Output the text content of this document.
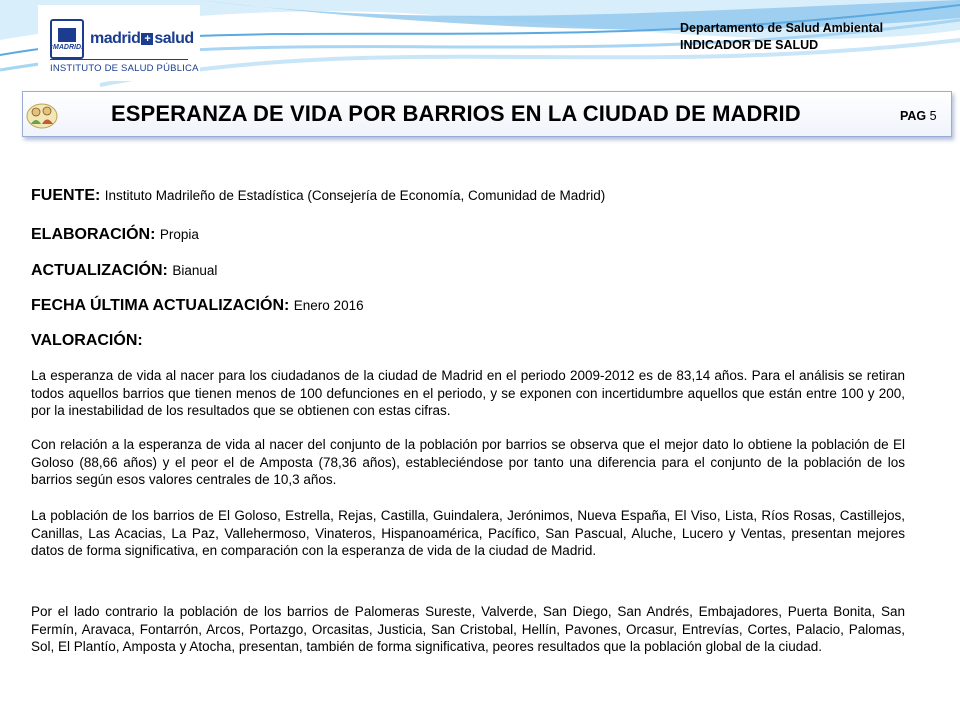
¡MADRID! madrid + salud
INSTITUTO DE SALUD PÚBLICA
Departamento de Salud Ambiental
INDICADOR DE SALUD
ESPERANZA DE VIDA POR BARRIOS EN LA CIUDAD DE MADRID	PAG 5

FUENTE: Instituto Madrileño de Estadística (Consejería de Economía, Comunidad de Madrid)

ELABORACIÓN: Propia

ACTUALIZACIÓN: Bianual

FECHA ÚLTIMA ACTUALIZACIÓN: Enero 2016

VALORACIÓN:

La esperanza de vida al nacer para los ciudadanos de la ciudad de Madrid en el periodo 2009-2012 es de 83,14 años. Para el análisis se retiran todos aquellos barrios que tienen menos de 100 defunciones en el periodo, y se exponen con incertidumbre aquellos que están entre 100 y 200, por la inestabilidad de los resultados que se obtienen con estas cifras.

Con relación a la esperanza de vida al nacer del conjunto de la población por barrios se observa que el mejor dato lo obtiene la población de El Goloso (88,66 años) y el peor el de Amposta (78,36 años), estableciéndose por tanto una diferencia para el conjunto de la población de los barrios según esos valores centrales de 10,3 años.

La población de los barrios de El Goloso, Estrella, Rejas, Castilla, Guindalera, Jerónimos, Nueva España, El Viso, Lista, Ríos Rosas, Castillejos, Canillas, Las Acacias, La Paz, Vallehermoso, Vinateros, Hispanoamérica, Pacífico, San Pascual, Aluche, Lucero y Ventas, presentan mejores datos de forma significativa, en comparación con la esperanza de vida de la ciudad de Madrid.

Por el lado contrario la población de los barrios de Palomeras Sureste, Valverde, San Diego, San Andrés, Embajadores, Puerta Bonita, San Fermín, Aravaca, Fontarrón, Arcos, Portazgo, Orcasitas, Justicia, San Cristobal, Hellín, Pavones, Orcasur, Entrevías, Cortes, Palacio, Palomas, Sol, El Plantío, Amposta y Atocha, presentan, también de forma significativa, peores resultados que la población global de la ciudad.
